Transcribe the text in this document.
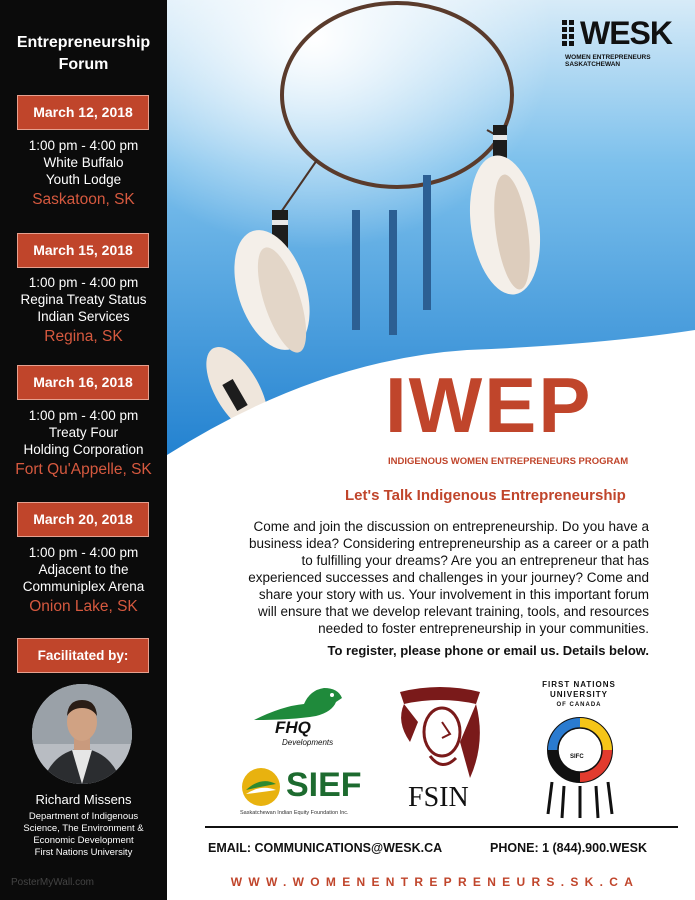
Entrepreneurship
Forum
March 12, 2018
1:00 pm - 4:00 pm
White Buffalo
Youth Lodge
Saskatoon, SK
March 15, 2018
1:00 pm - 4:00 pm
Regina Treaty Status
Indian Services
Regina, SK
March 16, 2018
1:00 pm - 4:00 pm
Treaty Four
Holding Corporation
Fort Qu'Appelle, SK
March 20, 2018
1:00 pm - 4:00 pm
Adjacent to the
Communiplex Arena
Onion Lake, SK
Facilitated by:
Richard Missens
Department of Indigenous
Science, The Environment &
Economic Development
First Nations University
PosterMyWall.com
WESK
WOMEN ENTREPRENEURS SASKATCHEWAN
IWEP
INDIGENOUS WOMEN ENTREPRENEURS PROGRAM
Let's Talk Indigenous Entrepreneurship
Come and join the discussion on entrepreneurship. Do you have a
business idea? Considering entrepreneurship as a career or a path
to fulfilling your dreams? Are you an entrepreneur that has
experienced successes and challenges in your journey? Come and
share your story with us. Your involvement in this important forum
will ensure that we develop relevant training, tools, and resources
needed to foster entrepreneurship in your communities.
To register, please phone or email us. Details below.
FHQ
Developments
SIEF
Saskatchewan Indian Equity Foundation Inc.	FSIN
FIRST NATIONS
UNIVERSITY
OF CANADA
SIFC
EMAIL: COMMUNICATIONS@WESK.CA	PHONE: 1 (844).900.WESK
WWW.WOMENENTREPRENEURS.SK.CA
